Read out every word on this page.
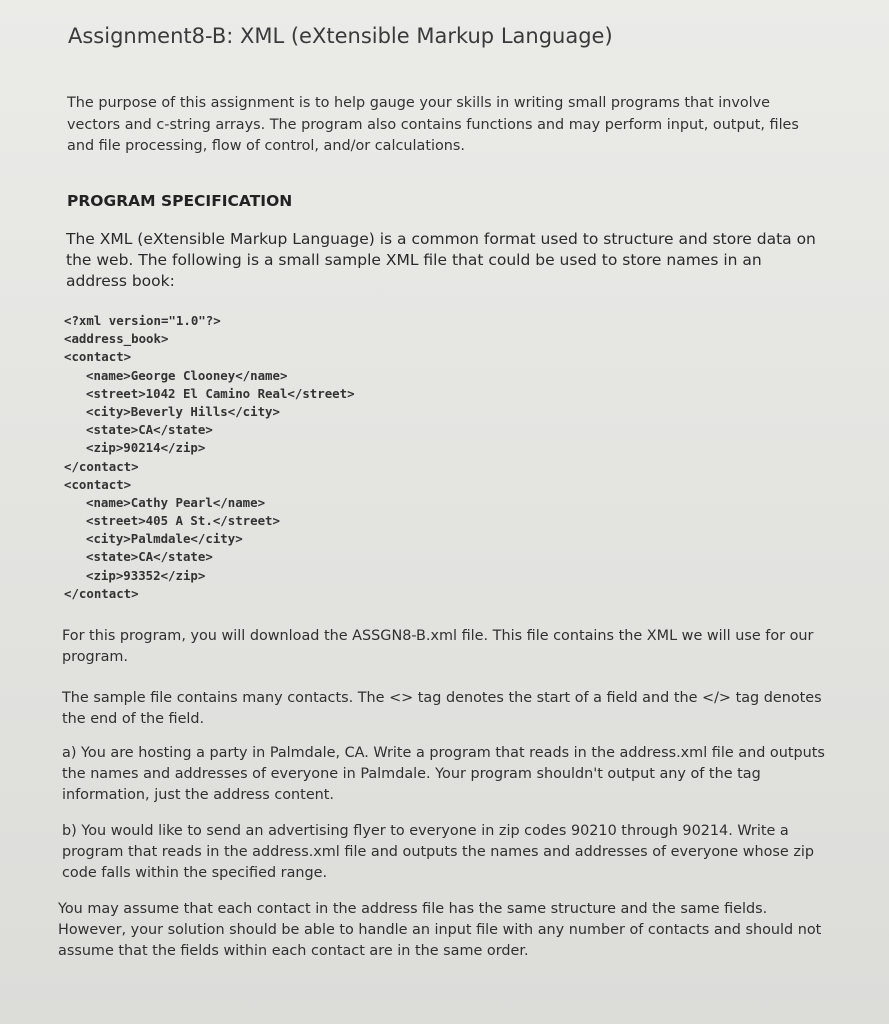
Assignment8-B: XML (eXtensible Markup Language)
The purpose of this assignment is to help gauge your skills in writing small programs that involve vectors and c-string arrays. The program also contains functions and may perform input, output, files and file processing, flow of control, and/or calculations.
PROGRAM SPECIFICATION
The XML (eXtensible Markup Language) is a common format used to structure and store data on the web. The following is a small sample XML file that could be used to store names in an address book:
<?xml version="1.0"?>
<address_book>
<contact>
<name>George Clooney</name>
<street>1042 El Camino Real</street>
<city>Beverly Hills</city>
<state>CA</state>
<zip>90214</zip>
</contact>
<contact>
<name>Cathy Pearl</name>
<street>405 A St.</street>
<city>Palmdale</city>
<state>CA</state>
<zip>93352</zip>
</contact>
For this program, you will download the ASSGN8-B.xml file. This file contains the XML we will use for our program.
The sample file contains many contacts. The <> tag denotes the start of a field and the </> tag denotes the end of the field.
a) You are hosting a party in Palmdale, CA. Write a program that reads in the address.xml file and outputs the names and addresses of everyone in Palmdale. Your program shouldn't output any of the tag information, just the address content.
b) You would like to send an advertising flyer to everyone in zip codes 90210 through 90214. Write a program that reads in the address.xml file and outputs the names and addresses of everyone whose zip code falls within the specified range.
You may assume that each contact in the address file has the same structure and the same fields. However, your solution should be able to handle an input file with any number of contacts and should not assume that the fields within each contact are in the same order.
